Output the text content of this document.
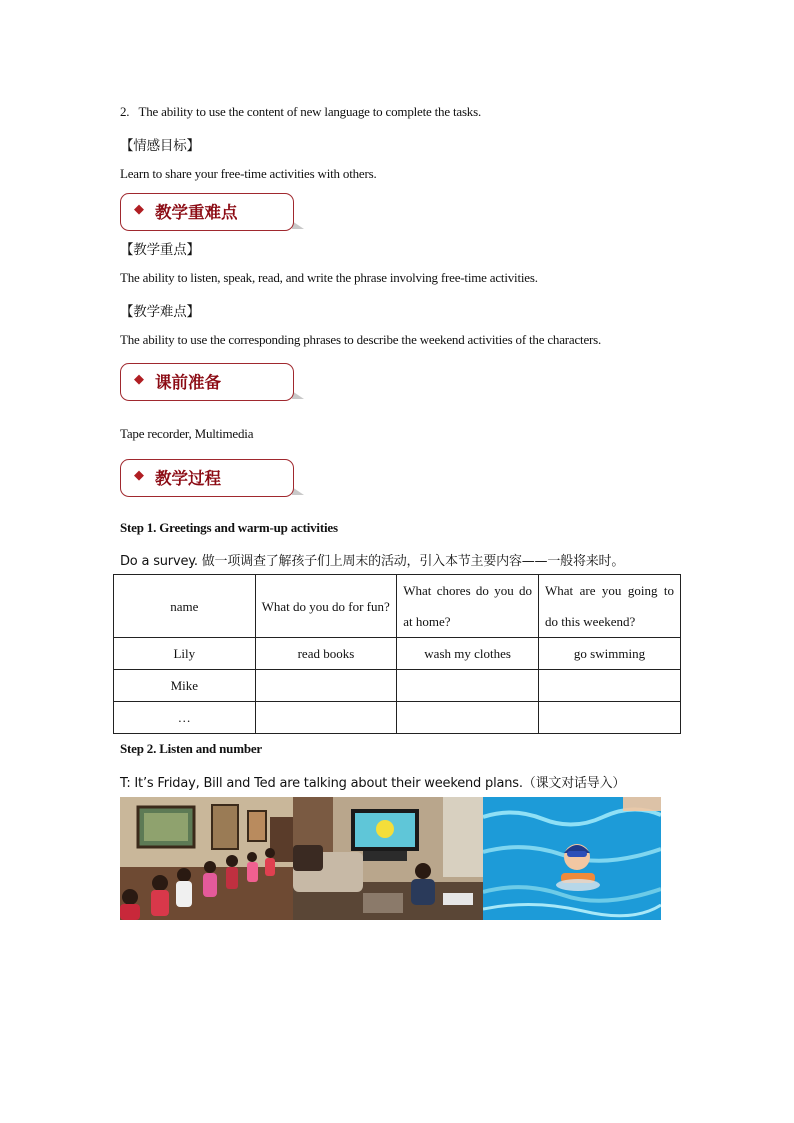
2.   The ability to use the content of new language to complete the tasks.
【情感目标】
Learn to share your free-time activities with others.
◆ 教学重难点
【教学重点】
The ability to listen, speak, read, and write the phrase involving free-time activities.
【教学难点】
The ability to use the corresponding phrases to describe the weekend activities of the characters.
◆ 课前准备
Tape recorder, Multimedia
◆ 教学过程
Step 1. Greetings and warm-up activities
Do a survey. 做一项调查了解孩子们上周末的活动，引入本节主要内容——一般将来时。
name	What do you do for fun?	What chores do you do at home?	What are you going to do this weekend?
Lily	read books	wash my clothes	go swimming
Mike			
…			
Step 2. Listen and number
T: It’s Friday, Bill and Ted are talking about their weekend plans.（课文对话导入）
